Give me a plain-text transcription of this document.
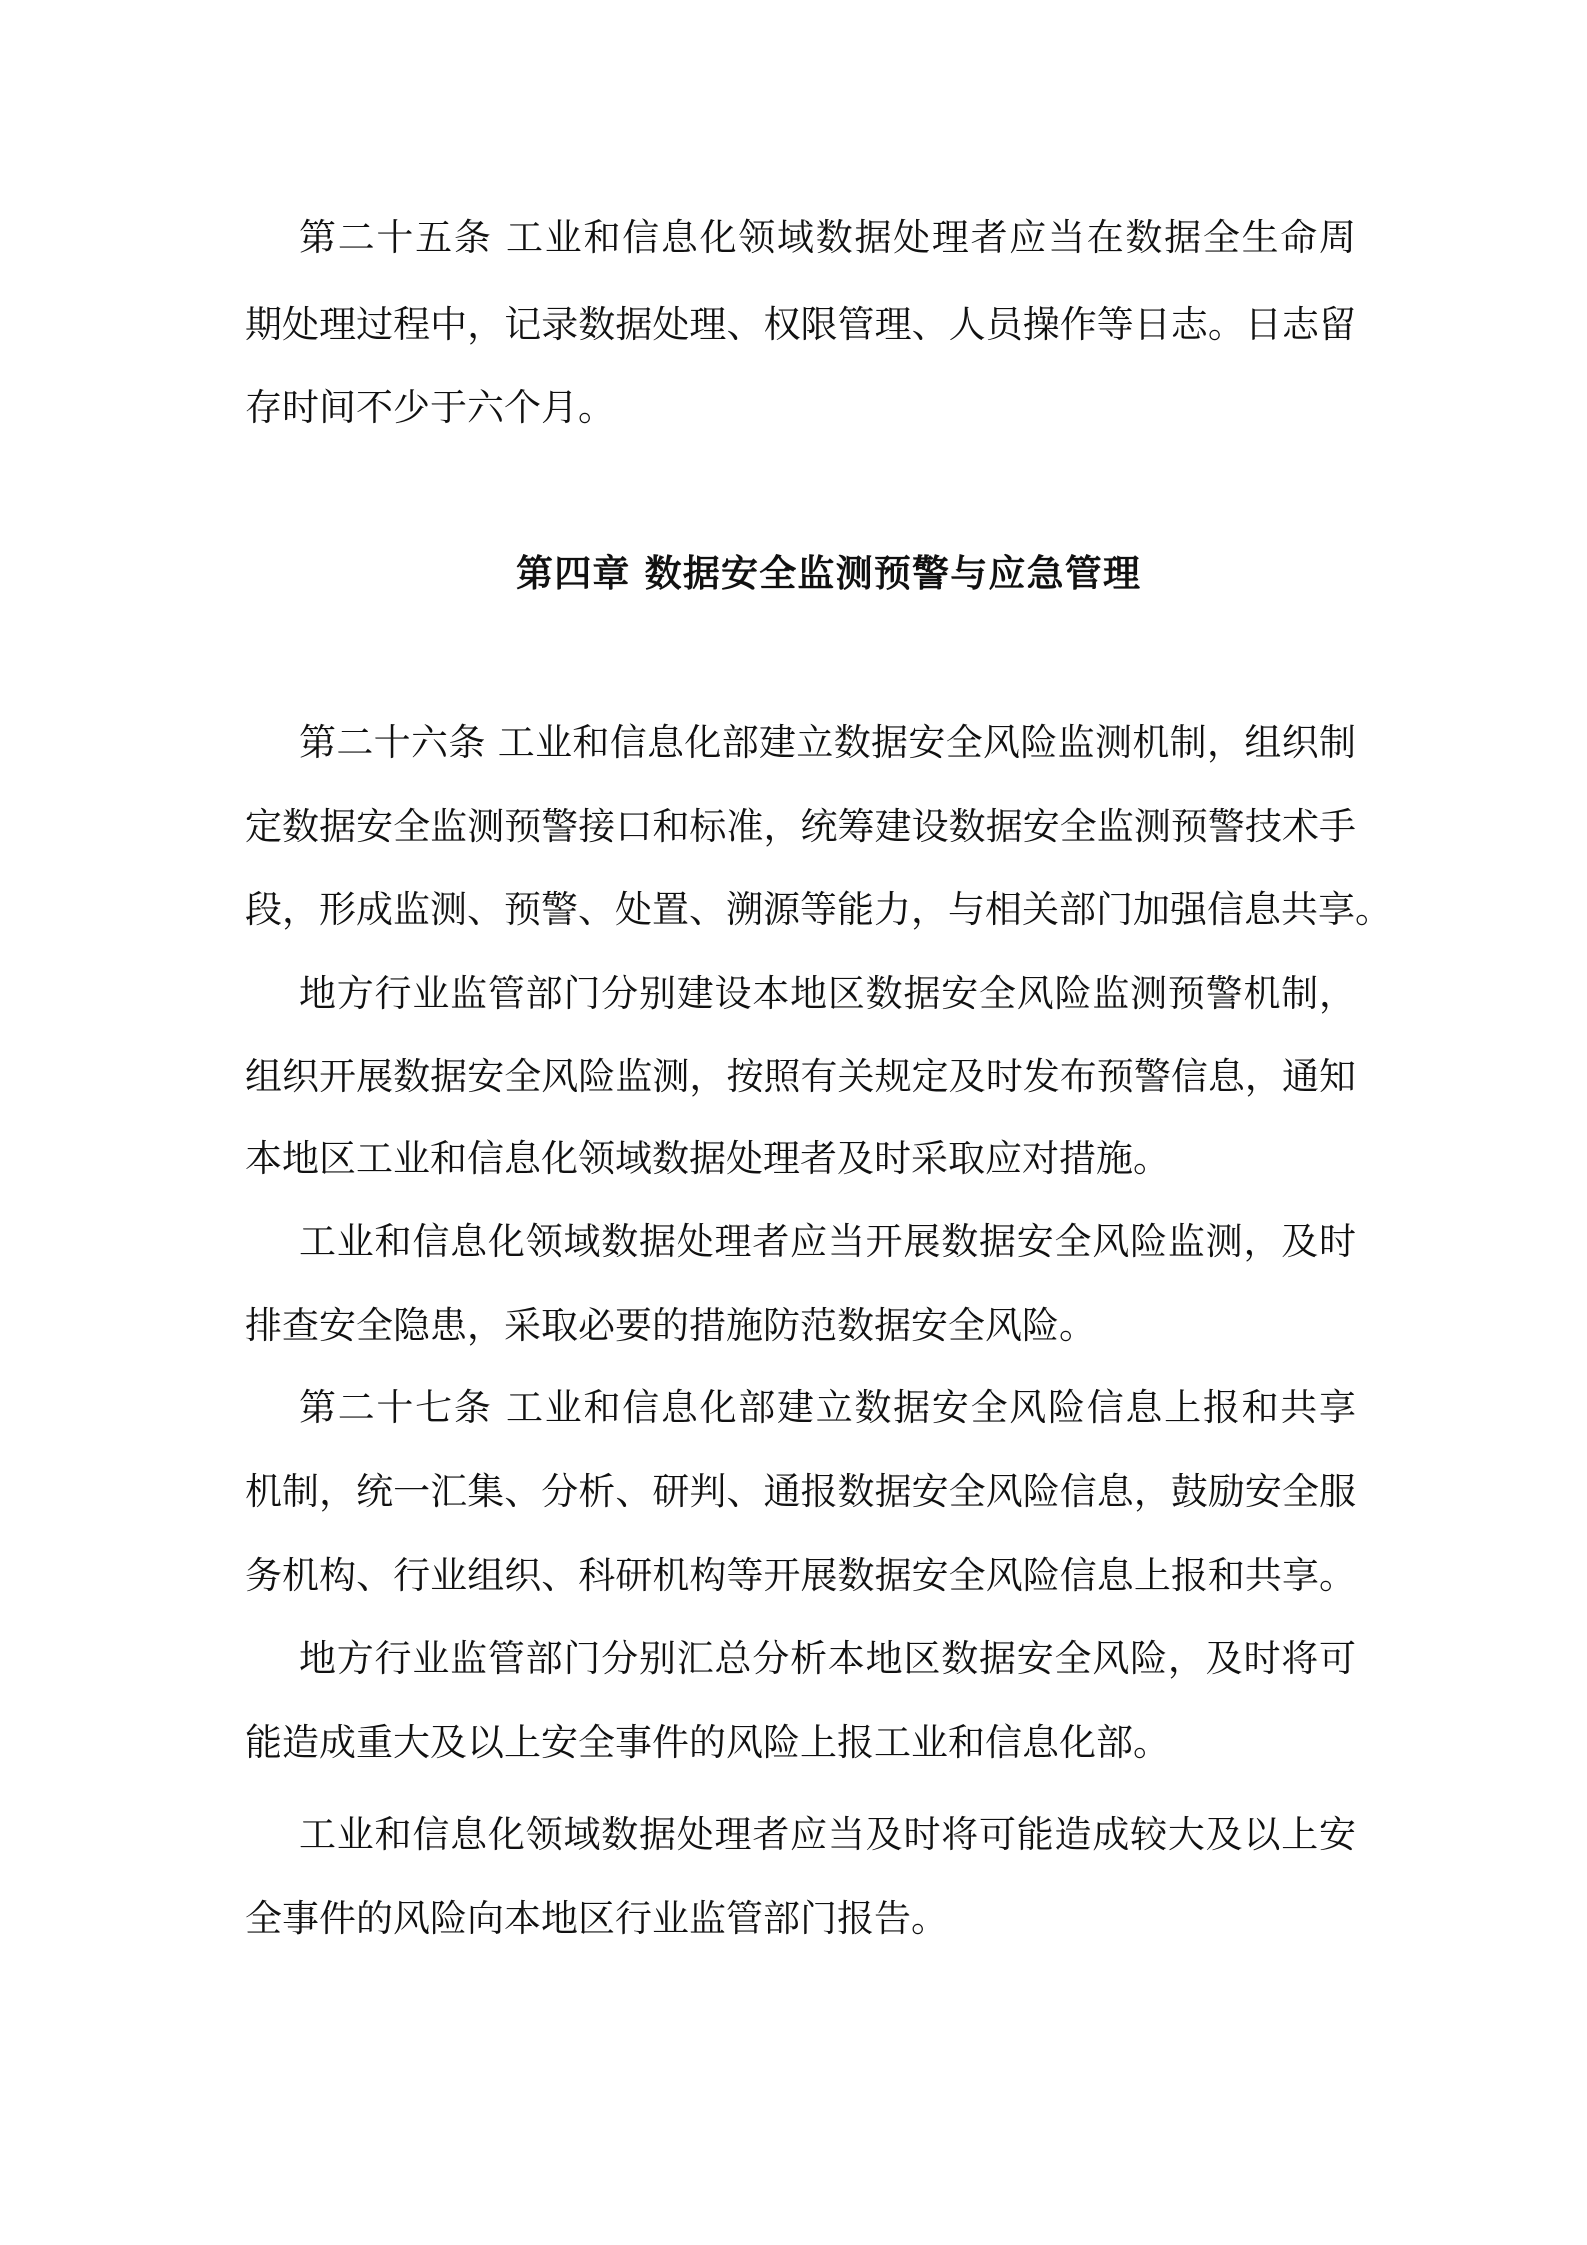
第二十五条 工业和信息化领域数据处理者应当在数据全生命周
期处理过程中，记录数据处理、权限管理、人员操作等日志。日志留
存时间不少于六个月。
第四章 数据安全监测预警与应急管理
第二十六条 工业和信息化部建立数据安全风险监测机制，组织制
定数据安全监测预警接口和标准，统筹建设数据安全监测预警技术手
段，形成监测、预警、处置、溯源等能力，与相关部门加强信息共享。
地方行业监管部门分别建设本地区数据安全风险监测预警机制，
组织开展数据安全风险监测，按照有关规定及时发布预警信息，通知
本地区工业和信息化领域数据处理者及时采取应对措施。
工业和信息化领域数据处理者应当开展数据安全风险监测，及时
排查安全隐患，采取必要的措施防范数据安全风险。
第二十七条 工业和信息化部建立数据安全风险信息上报和共享
机制，统一汇集、分析、研判、通报数据安全风险信息，鼓励安全服
务机构、行业组织、科研机构等开展数据安全风险信息上报和共享。
地方行业监管部门分别汇总分析本地区数据安全风险，及时将可
能造成重大及以上安全事件的风险上报工业和信息化部。
工业和信息化领域数据处理者应当及时将可能造成较大及以上安
全事件的风险向本地区行业监管部门报告。
